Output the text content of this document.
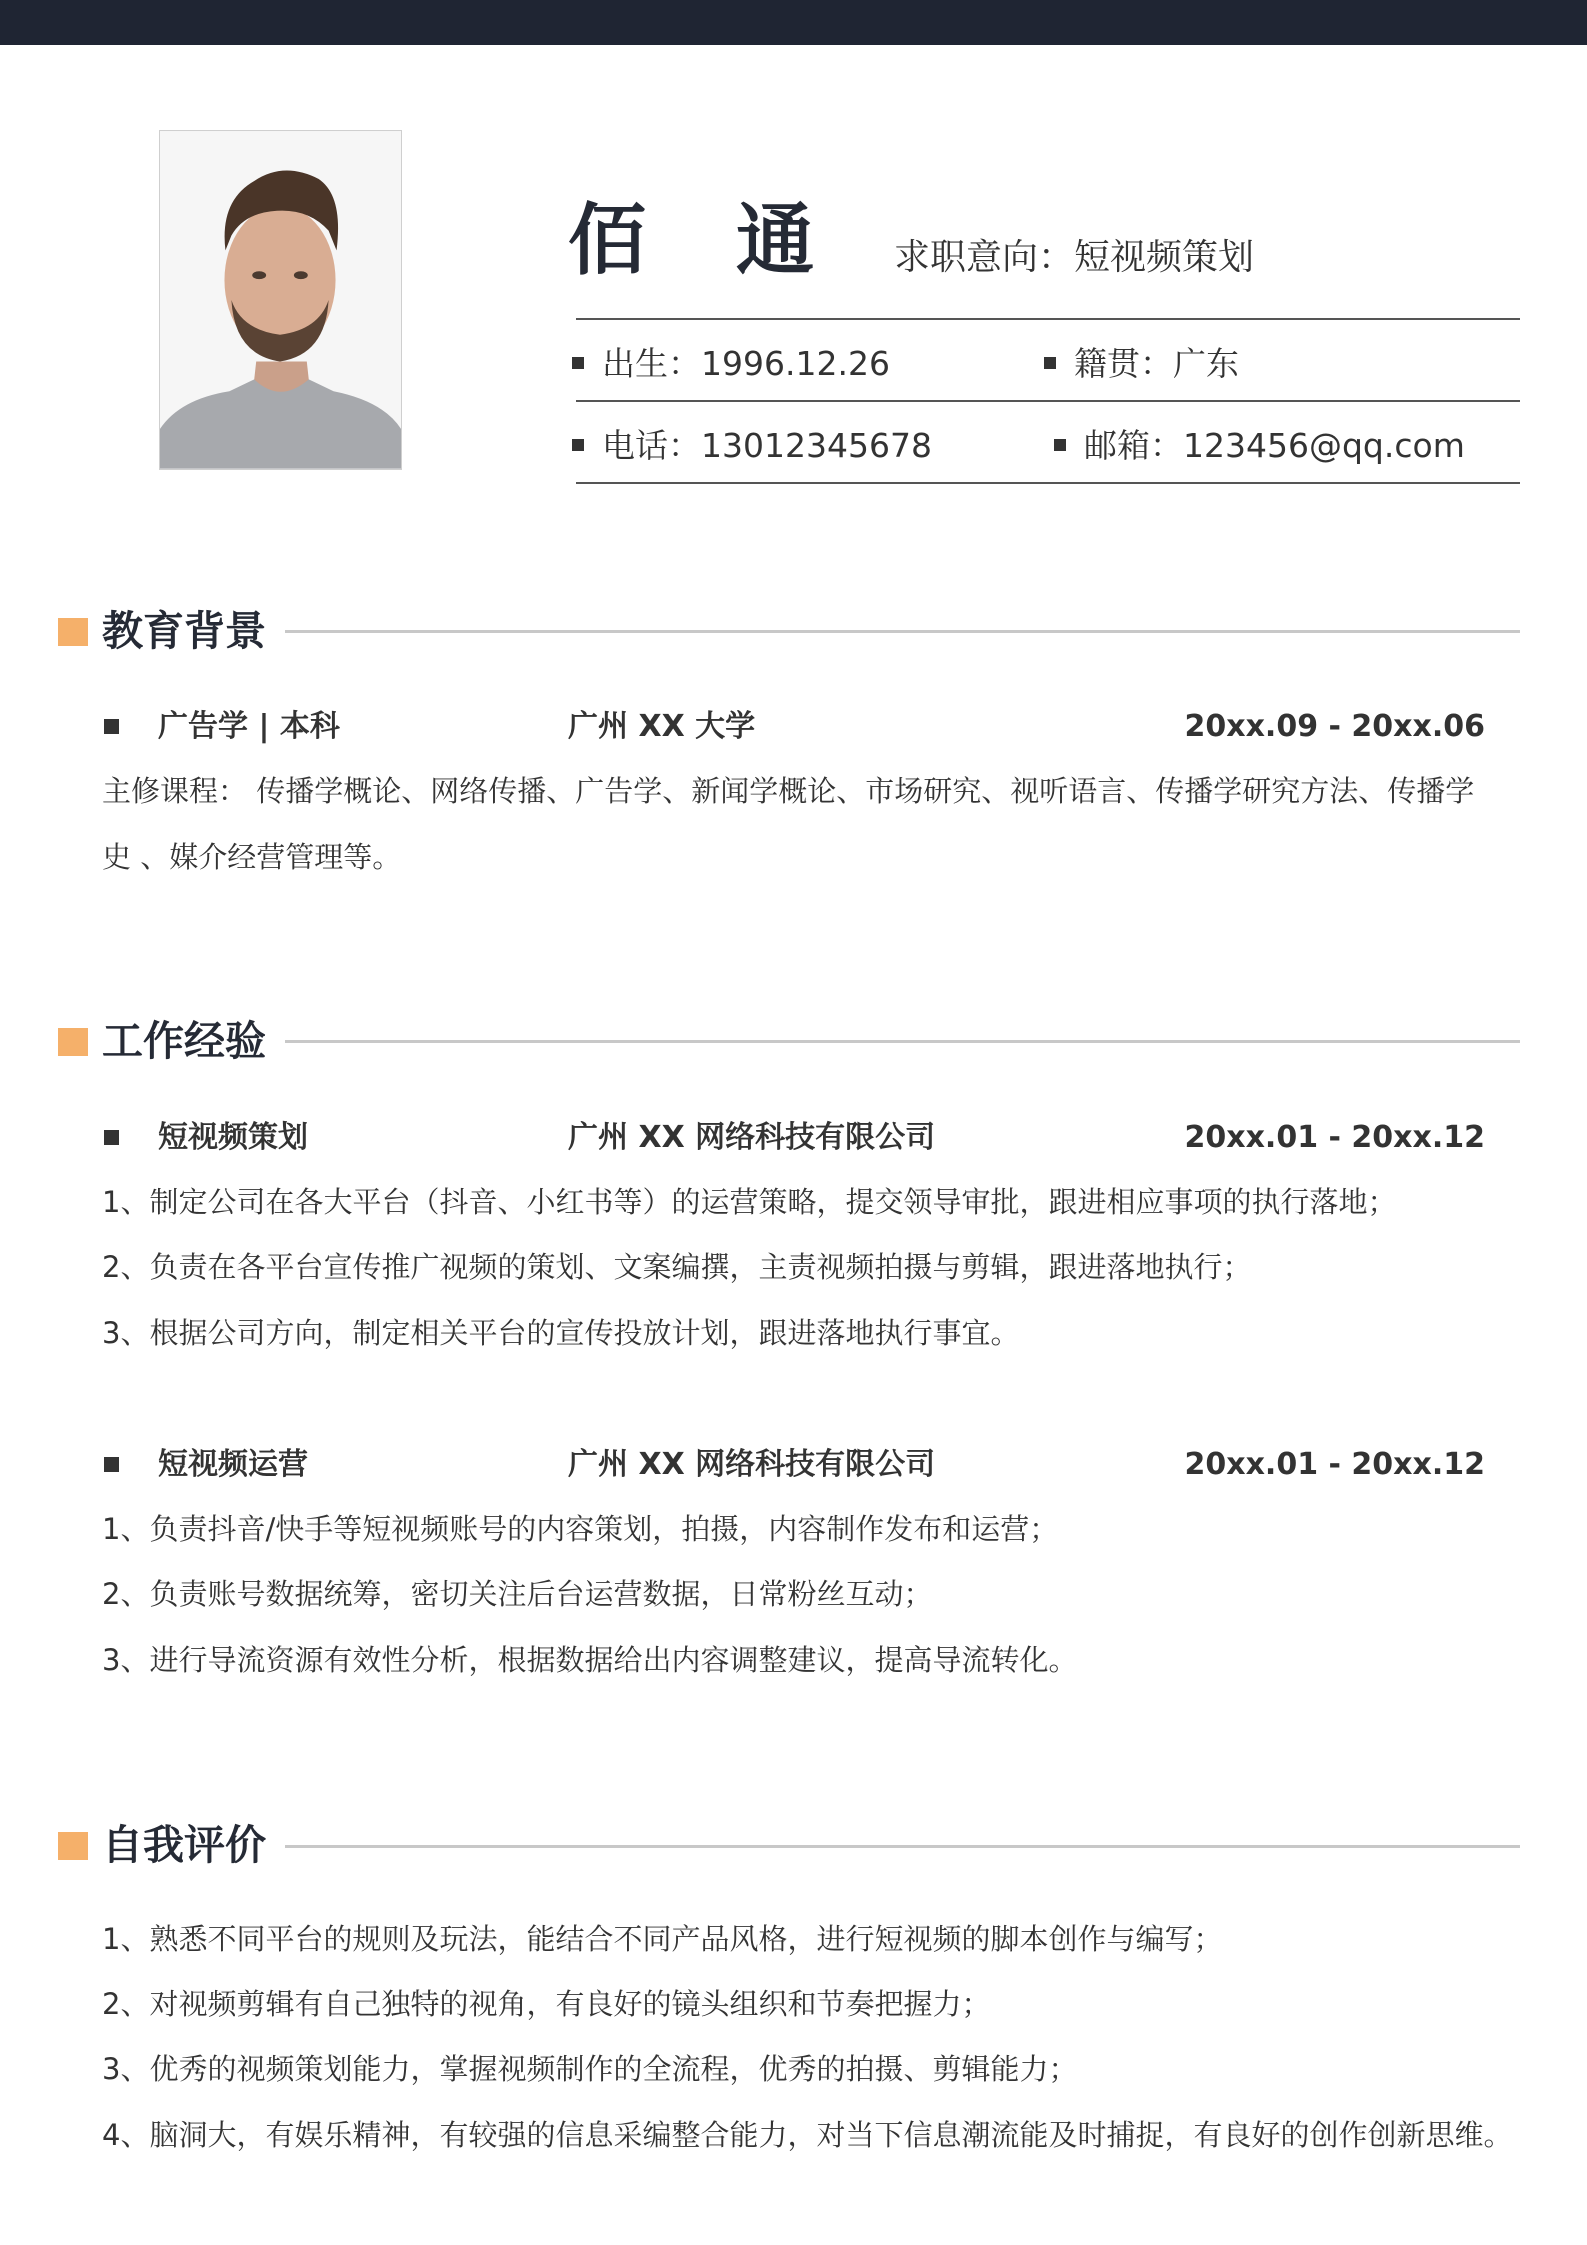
佰通
求职意向：短视频策划
出生：1996.12.26	籍贯：广东
电话：13012345678	邮箱：123456@qq.com
教育背景
广告学 | 本科	广州 XX 大学	20xx.09 - 20xx.06
主修课程： 传播学概论、网络传播、广告学、新闻学概论、市场研究、视听语言、传播学研究方法、传播学
史 、媒介经营管理等。
工作经验
短视频策划	广州 XX 网络科技有限公司	20xx.01 - 20xx.12
1、制定公司在各大平台（抖音、小红书等）的运营策略，提交领导审批，跟进相应事项的执行落地；
2、负责在各平台宣传推广视频的策划、文案编撰，主责视频拍摄与剪辑，跟进落地执行；
3、根据公司方向，制定相关平台的宣传投放计划，跟进落地执行事宜。
短视频运营	广州 XX 网络科技有限公司	20xx.01 - 20xx.12
1、负责抖音/快手等短视频账号的内容策划，拍摄，内容制作发布和运营；
2、负责账号数据统筹，密切关注后台运营数据，日常粉丝互动；
3、进行导流资源有效性分析，根据数据给出内容调整建议，提高导流转化。
自我评价
1、熟悉不同平台的规则及玩法，能结合不同产品风格，进行短视频的脚本创作与编写；
2、对视频剪辑有自己独特的视角，有良好的镜头组织和节奏把握力；
3、优秀的视频策划能力，掌握视频制作的全流程，优秀的拍摄、剪辑能力；
4、脑洞大，有娱乐精神，有较强的信息采编整合能力，对当下信息潮流能及时捕捉，有良好的创作创新思维。
